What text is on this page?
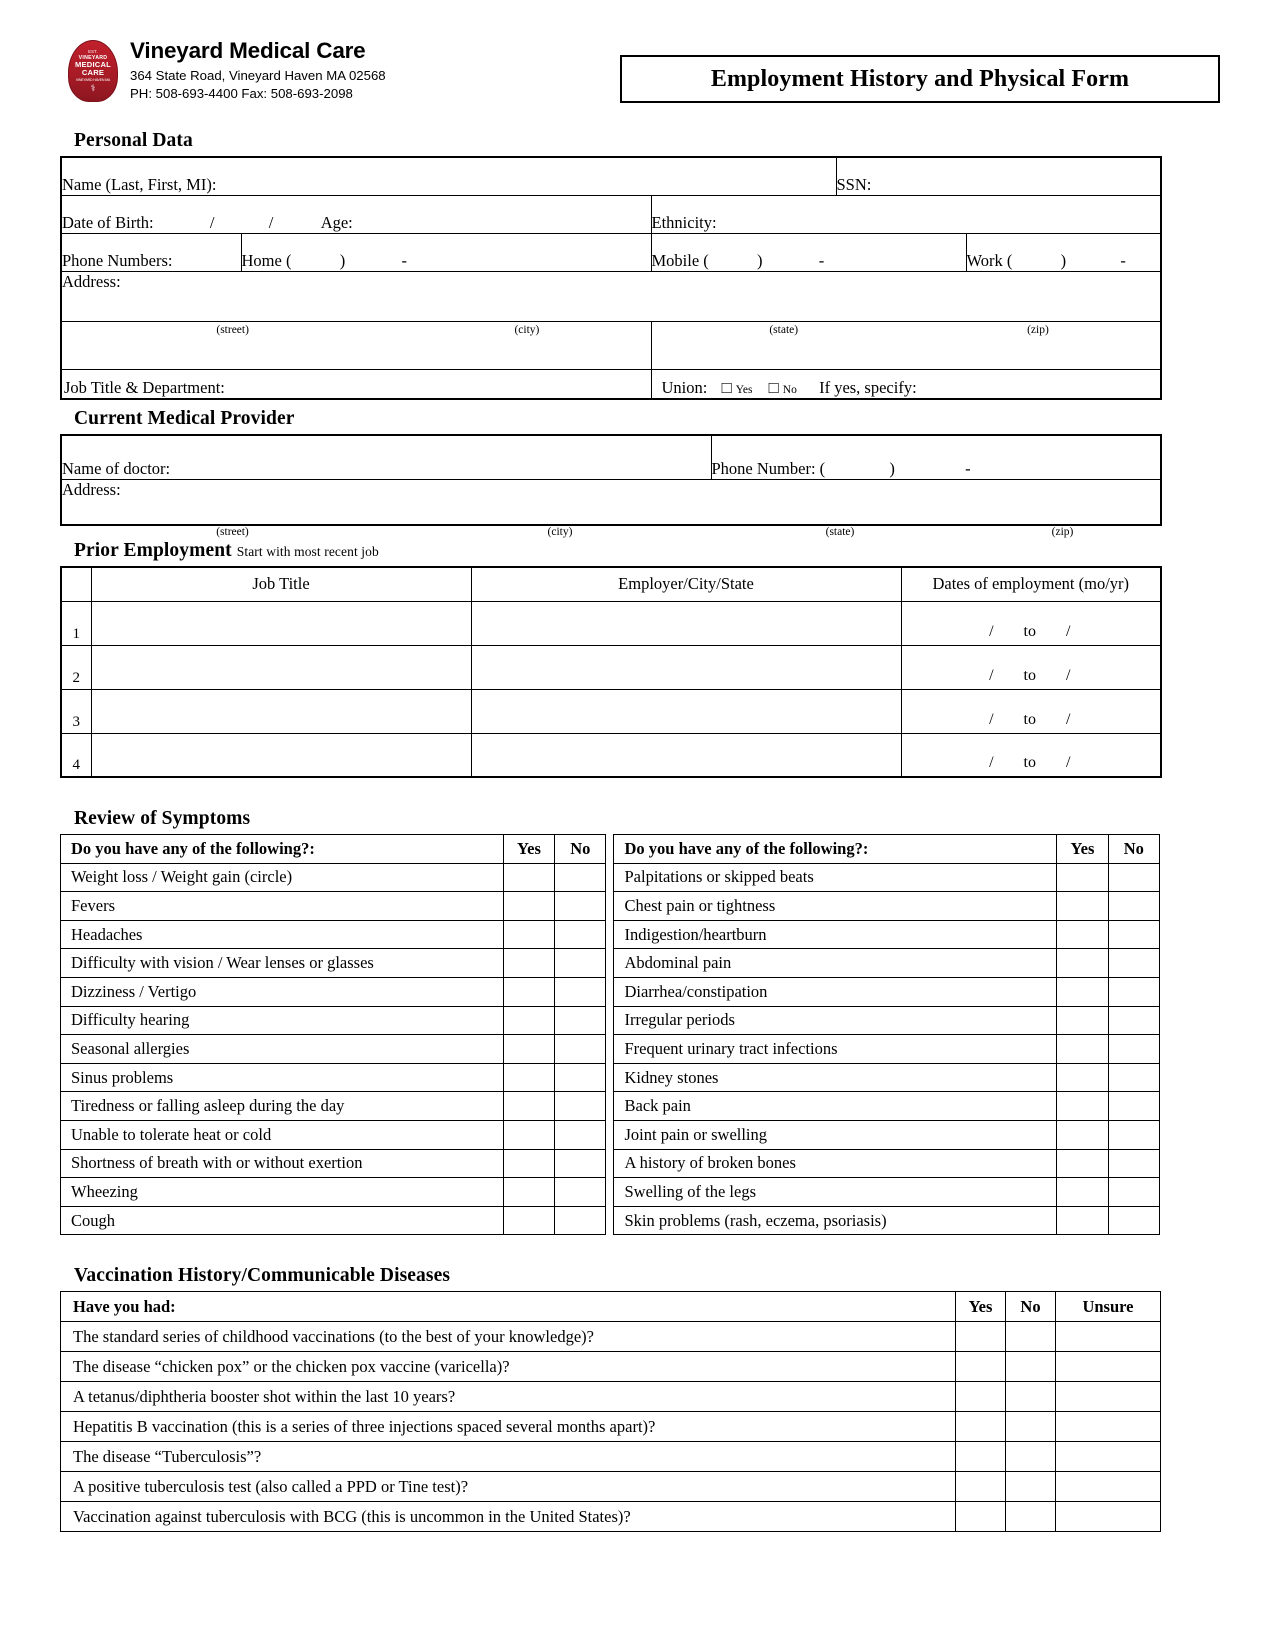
EST.
VINEYARD
MEDICAL
CARE
VINEYARD HAVEN MA
⚕
Vineyard Medical Care
364 State Road, Vineyard Haven MA 02568
PH: 508-693-4400 Fax: 508-693-2098
Employment History and Physical Form
Personal Data
Name (Last, First, MI):			SSN:	
Date of Birth: / / Age:		Ethnicity:		
Phone Numbers:	Home ( ) -	Mobile ( ) -		Work ( ) -
Address:				

(street) (city)		(state) (zip)		

Job Title & Department:		Union: □ Yes □ No If yes, specify:		
Current Medical Provider
Name of doctor:	Phone Number: (	)	-
Address:
(street)	(city)	(state)	(zip)
Prior Employment Start with most recent job
	Job Title	Employer/City/State	Dates of employment (mo/yr)
1			/ to /
2			/ to /
3			/ to /
4			/ to /
Review of Symptoms
Do you have any of the following?:	Yes	No		Do you have any of the following?:	Yes	No
Weight loss / Weight gain (circle)				Palpitations or skipped beats		
Fevers				Chest pain or tightness		
Headaches				Indigestion/heartburn		
Difficulty with vision / Wear lenses or glasses				Abdominal pain		
Dizziness / Vertigo				Diarrhea/constipation		
Difficulty hearing				Irregular periods		
Seasonal allergies				Frequent urinary tract infections		
Sinus problems				Kidney stones		
Tiredness or falling asleep during the day				Back pain		
Unable to tolerate heat or cold				Joint pain or swelling		
Shortness of breath with or without exertion				A history of broken bones		
Wheezing				Swelling of the legs		
Cough				Skin problems (rash, eczema, psoriasis)		
Vaccination History/Communicable Diseases
Have you had:	Yes	No	Unsure
The standard series of childhood vaccinations (to the best of your knowledge)?			
The disease “chicken pox” or the chicken pox vaccine (varicella)?			
A tetanus/diphtheria booster shot within the last 10 years?			
Hepatitis B vaccination (this is a series of three injections spaced several months apart)?			
The disease “Tuberculosis”?			
A positive tuberculosis test (also called a PPD or Tine test)?			
Vaccination against tuberculosis with BCG (this is uncommon in the United States)?			
